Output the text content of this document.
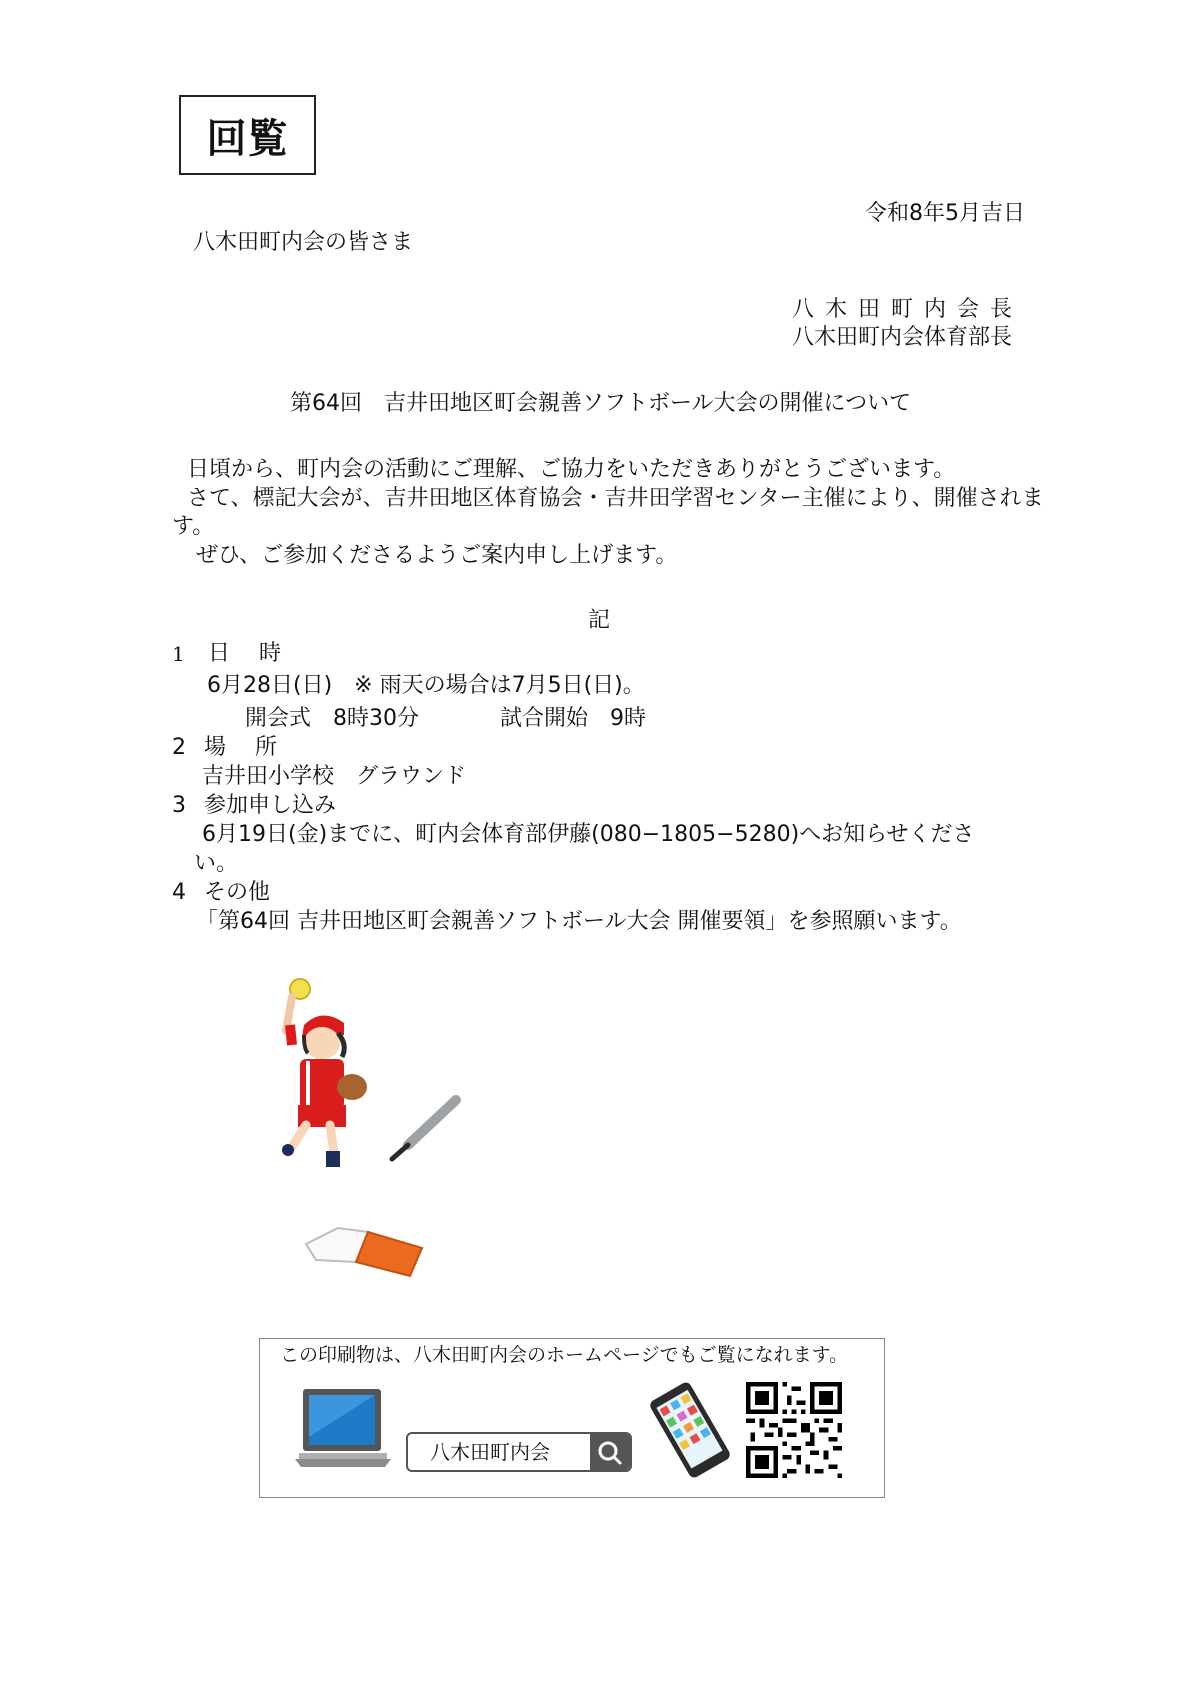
回覧
令和8年5月吉日
八木田町内会の皆さま
八木田町内会長
八木田町内会体育部長
第64回　吉井田地区町会親善ソフトボール大会の開催について
日頃から、町内会の活動にご理解、ご協力をいただきありがとうございます。
さて、標記大会が、吉井田地区体育協会・吉井田学習センター主催により、開催されま
す。
ぜひ、ご参加くださるようご案内申し上げます。
記
1 日 時
6月28日(日)　※ 雨天の場合は7月5日(日)。
開会式　8時30分	試合開始　9時
2 場 所
吉井田小学校　グラウンド
3 参加申し込み
6月19日(金)までに、町内会体育部伊藤(080−1805−5280)へお知らせくださ
い。
4 その他
「第64回 吉井田地区町会親善ソフトボール大会 開催要領」を参照願います。
この印刷物は、八木田町内会のホームページでもご覧になれます。
八木田町内会
